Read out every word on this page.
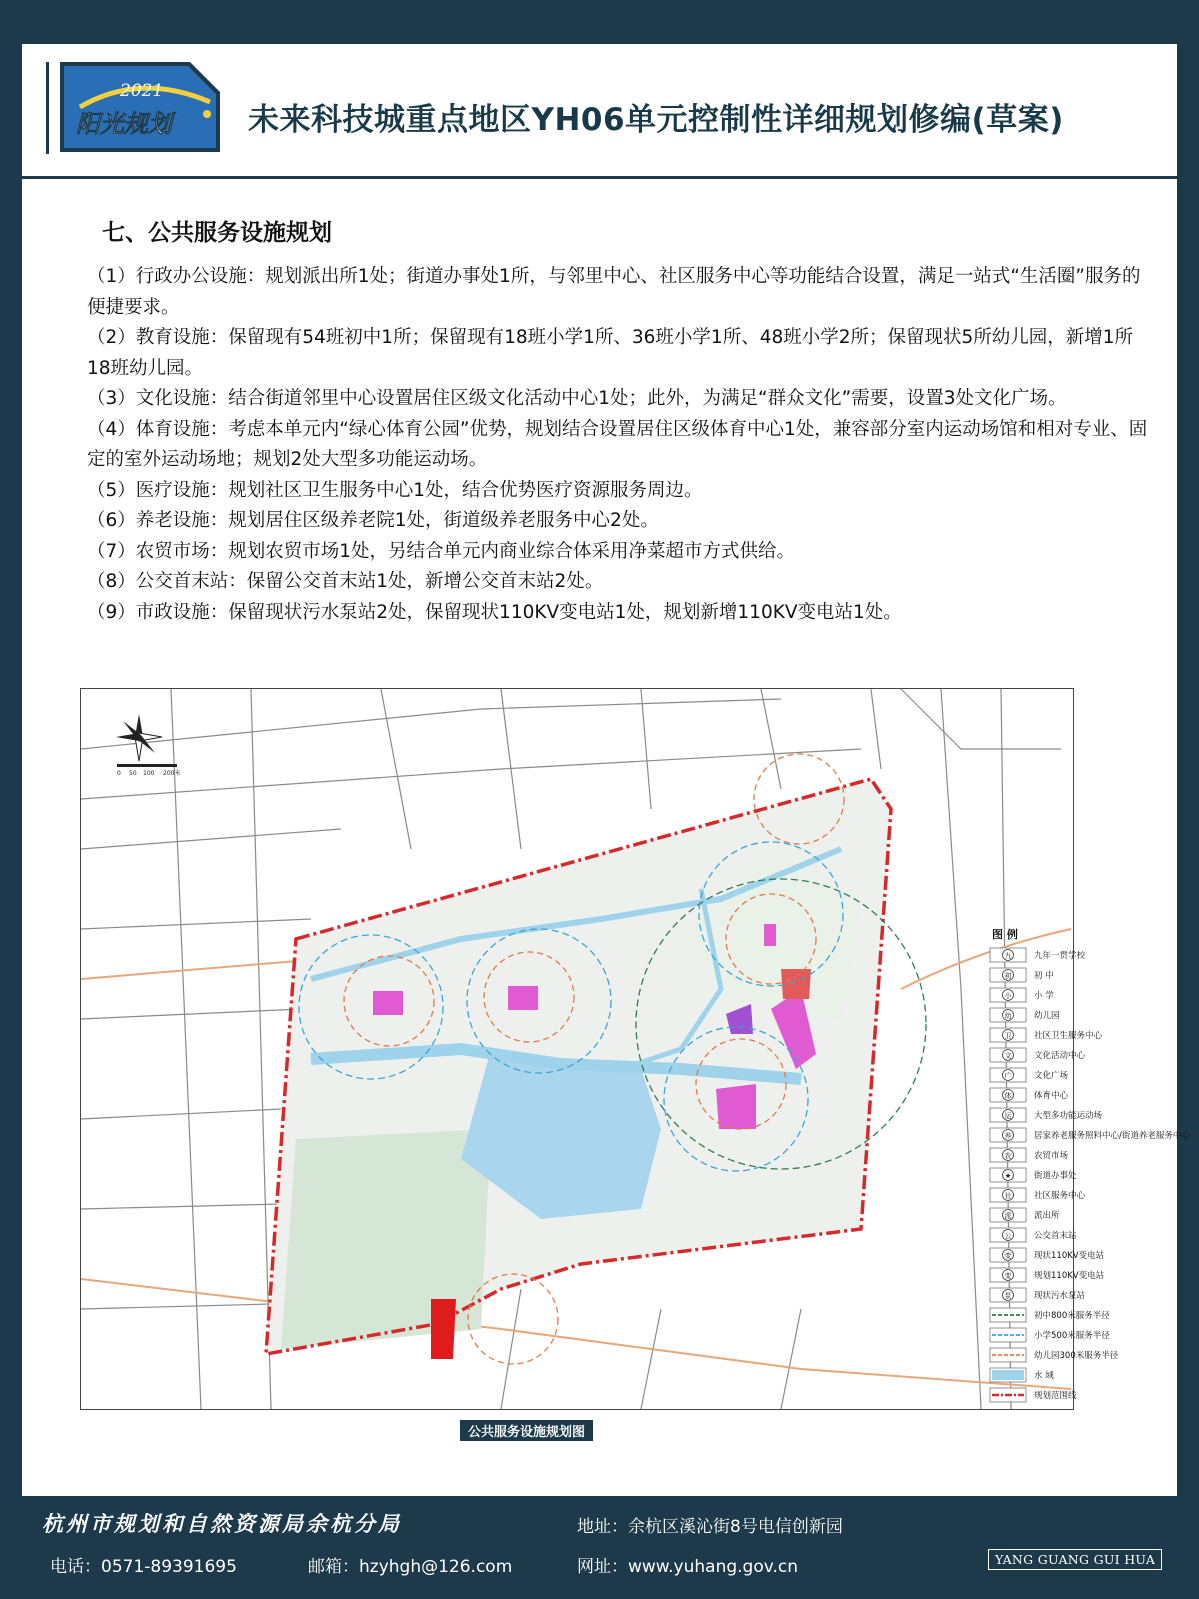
2021
阳光规划 未来科技城重点地区YH06单元控制性详细规划修编(草案)
七、公共服务设施规划

（1）行政办公设施：规划派出所1处；街道办事处1所，与邻里中心、社区服务中心等功能结合设置，满足一站式“生活圈”服务的便捷要求。

（2）教育设施：保留现有54班初中1所；保留现有18班小学1所、36班小学1所、48班小学2所；保留现状5所幼儿园，新增1所18班幼儿园。

（3）文化设施：结合街道邻里中心设置居住区级文化活动中心1处；此外，为满足“群众文化”需要，设置3处文化广场。

（4）体育设施：考虑本单元内“绿心体育公园”优势，规划结合设置居住区级体育中心1处，兼容部分室内运动场馆和相对专业、固定的室外运动场地；规划2处大型多功能运动场。

（5）医疗设施：规划社区卫生服务中心1处，结合优势医疗资源服务周边。

（6）养老设施：规划居住区级养老院1处，街道级养老服务中心2处。

（7）农贸市场：规划农贸市场1处，另结合单元内商业综合体采用净菜超市方式供给。

（8）公交首末站：保留公交首末站1处，新增公交首末站2处。

（9）市政设施：保留现状污水泵站2处，保留现状110KV变电站1处，规划新增110KV变电站1处。

0 50 100 200米
图 例
九	九年一贯学校
初	初 中
小	小 学
幼	幼儿园
卫	社区卫生服务中心
文	文化活动中心
广	文化广场
体	体育中心
运	大型多功能运动场
养	居家养老服务照料中心/街道养老服务中心
农	农贸市场
★	街道办事处
社	社区服务中心
派	派出所
公	公交首末站
变	现状110KV变电站
变	规划110KV变电站
泵	现状污水泵站
初中800米服务半径
小学500米服务半径
幼儿园300米服务半径
水 域
规划范围线
公共服务设施规划图
杭州市规划和自然资源局余杭分局	地址：余杭区溪沁街8号电信创新园
电话：0571-89391695	邮箱：hzyhgh@126.com	网址：www.yuhang.gov.cn	YANG GUANG GUI HUA
